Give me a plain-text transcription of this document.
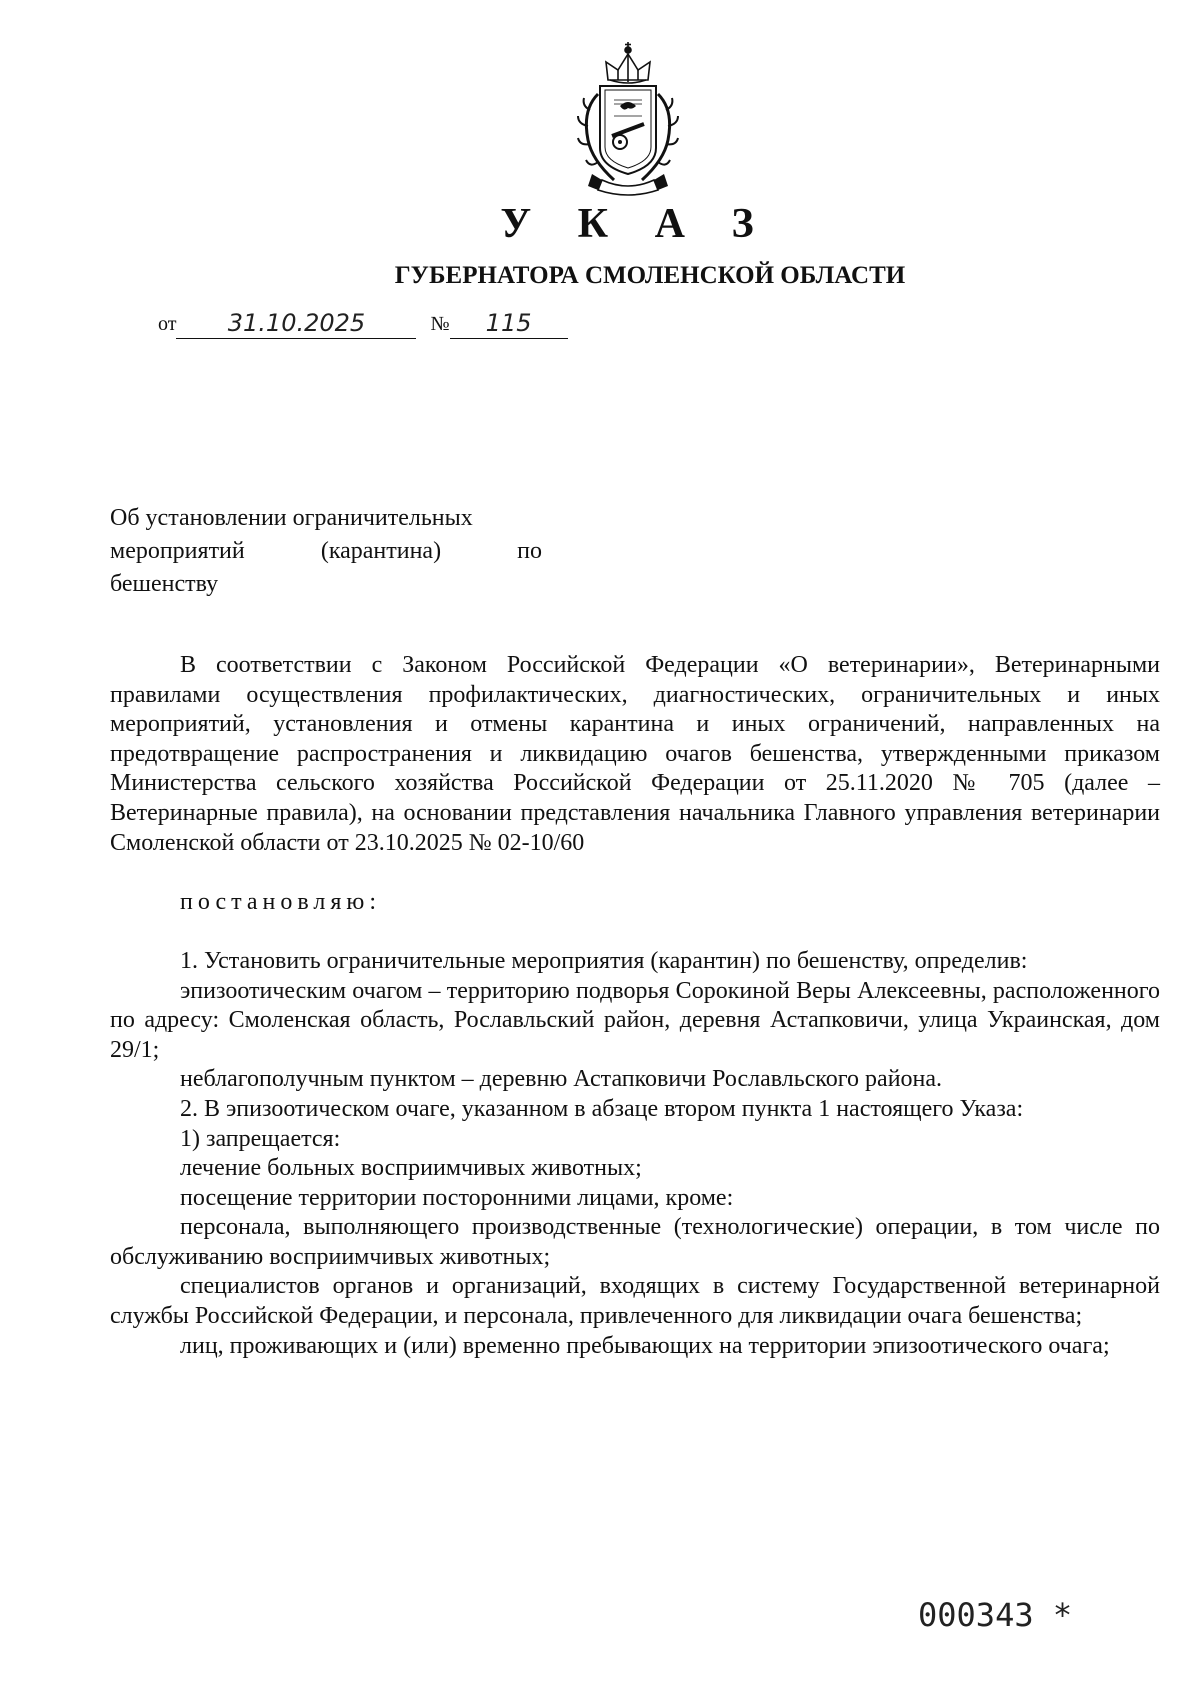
У К А З
ГУБЕРНАТОРА СМОЛЕНСКОЙ ОБЛАСТИ
от	31.10.2025	№	115
Об установлении ограничительных
мероприятий (карантина) по
бешенству

В соответствии с Законом Российской Федерации «О ветеринарии», Ветеринарными правилами осуществления профилактических, диагностических, ограничительных и иных мероприятий, установления и отмены карантина и иных ограничений, направленных на предотвращение распространения и ликвидацию очагов бешенства, утвержденными приказом Министерства сельского хозяйства Российской Федерации от 25.11.2020 № 705 (далее – Ветеринарные правила), на основании представления начальника Главного управления ветеринарии Смоленской области от 23.10.2025 № 02-10/60

постановляю:

1. Установить ограничительные мероприятия (карантин) по бешенству, определив:

эпизоотическим очагом – территорию подворья Сорокиной Веры Алексеевны, расположенного по адресу: Смоленская область, Рославльский район, деревня Астапковичи, улица Украинская, дом 29/1;

неблагополучным пунктом – деревню Астапковичи Рославльского района.

2. В эпизоотическом очаге, указанном в абзаце втором пункта 1 настоящего Указа:

1) запрещается:

лечение больных восприимчивых животных;

посещение территории посторонними лицами, кроме:

персонала, выполняющего производственные (технологические) операции, в том числе по обслуживанию восприимчивых животных;

специалистов органов и организаций, входящих в систему Государственной ветеринарной службы Российской Федерации, и персонала, привлеченного для ликвидации очага бешенства;

лиц, проживающих и (или) временно пребывающих на территории эпизоотического очага;

000343 *
